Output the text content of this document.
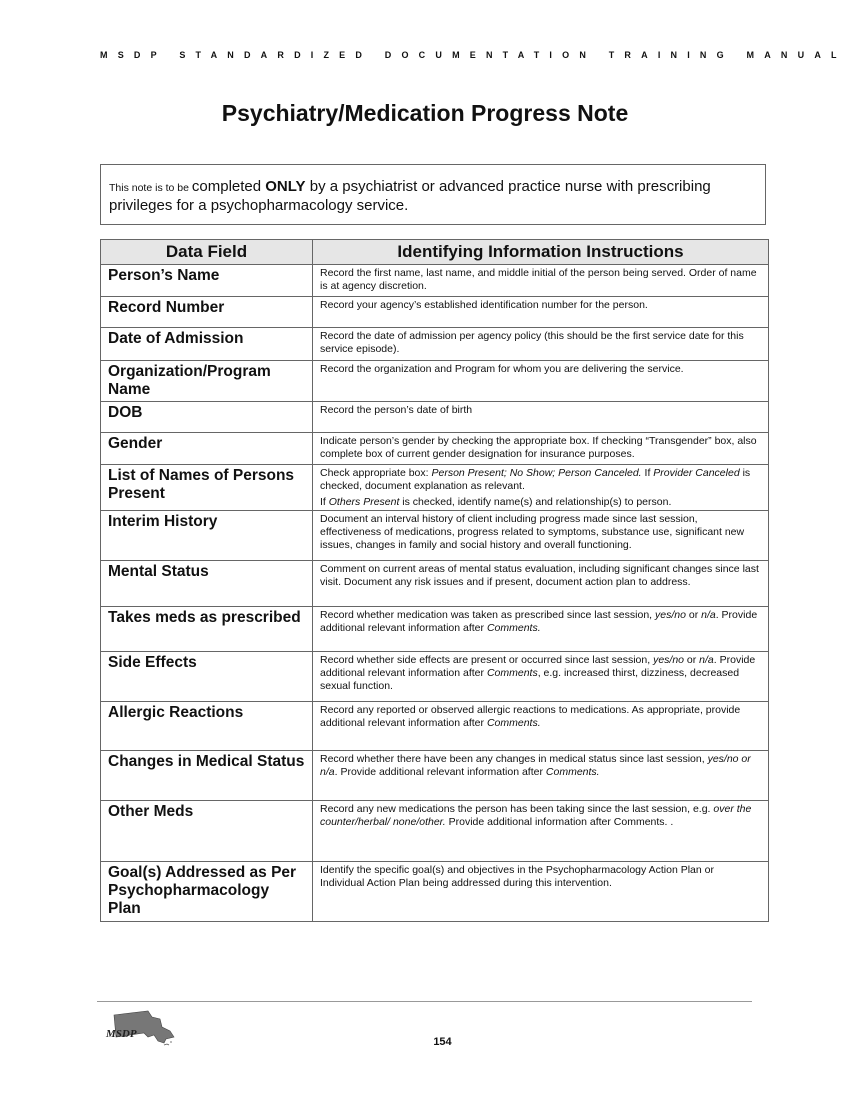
MSDP STANDARDIZED DOCUMENTATION TRAINING MANUAL
Psychiatry/Medication Progress Note
This note is to be completed ONLY by a psychiatrist or advanced practice nurse with prescribing privileges for a psychopharmacology service.
Data Field	Identifying Information Instructions
Person’s Name	Record the first name, last name, and middle initial of the person being served. Order of name is at agency discretion.
Record Number	Record your agency’s established identification number for the person.
Date of Admission	Record the date of admission per agency policy (this should be the first service date for this service episode).
Organization/Program Name	Record the organization and Program for whom you are delivering the service.
DOB	Record the person’s date of birth
Gender	Indicate person’s gender by checking the appropriate box. If checking “Transgender” box, also complete box of current gender designation for insurance purposes.
List of Names of Persons Present	Check appropriate box: Person Present; No Show; Person Canceled. If Provider Canceled is checked, document explanation as relevant.

If Others Present is checked, identify name(s) and relationship(s) to person.

Interim History	Document an interval history of client including progress made since last session, effectiveness of medications, progress related to symptoms, substance use, significant new issues, changes in family and social history and overall functioning.
Mental Status	Comment on current areas of mental status evaluation, including significant changes since last visit. Document any risk issues and if present, document action plan to address.
Takes meds as prescribed	Record whether medication was taken as prescribed since last session, yes/no or n/a. Provide additional relevant information after Comments.
Side Effects	Record whether side effects are present or occurred since last session, yes/no or n/a. Provide additional relevant information after Comments, e.g. increased thirst, dizziness, decreased sexual function.
Allergic Reactions	Record any reported or observed allergic reactions to medications. As appropriate, provide additional relevant information after Comments.
Changes in Medical Status	Record whether there have been any changes in medical status since last session, yes/no or n/a. Provide additional relevant information after Comments.
Other Meds	Record any new medications the person has been taking since the last session, e.g. over the counter/herbal/ none/other. Provide additional information after Comments. .
Goal(s) Addressed as Per Psychopharmacology Plan	Identify the specific goal(s) and objectives in the Psychopharmacology Action Plan or Individual Action Plan being addressed during this intervention.
MSDP
154
